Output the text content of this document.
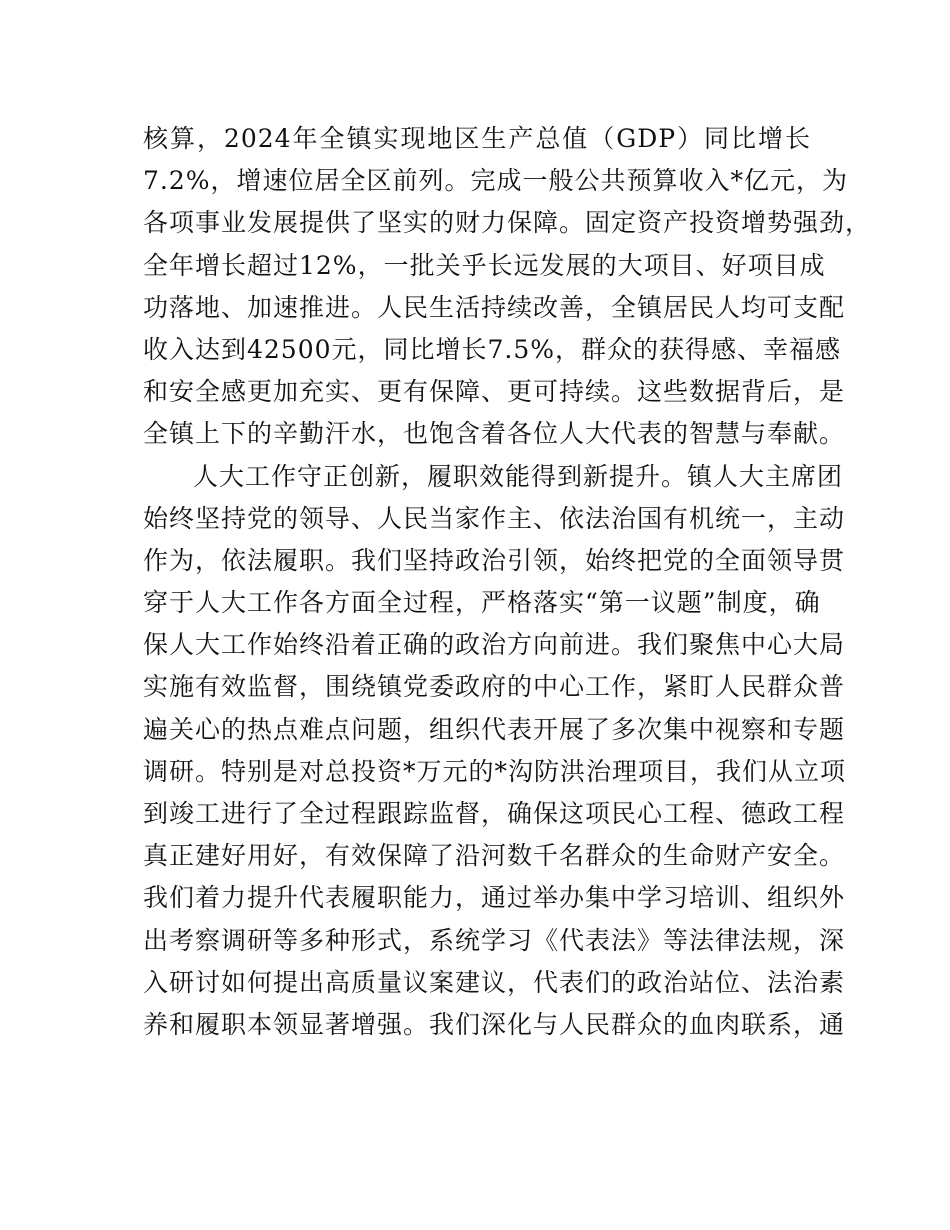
核算，2024年全镇实现地区生产总值（GDP）同比增长
7.2%，增速位居全区前列。完成一般公共预算收入*亿元，为
各项事业发展提供了坚实的财力保障。固定资产投资增势强劲，
全年增长超过12%，一批关乎长远发展的大项目、好项目成
功落地、加速推进。人民生活持续改善，全镇居民人均可支配
收入达到42500元，同比增长7.5%，群众的获得感、幸福感
和安全感更加充实、更有保障、更可持续。这些数据背后，是
全镇上下的辛勤汗水，也饱含着各位人大代表的智慧与奉献。
人大工作守正创新，履职效能得到新提升。镇人大主席团
始终坚持党的领导、人民当家作主、依法治国有机统一，主动
作为，依法履职。我们坚持政治引领，始终把党的全面领导贯
穿于人大工作各方面全过程，严格落实“第一议题”制度，确
保人大工作始终沿着正确的政治方向前进。我们聚焦中心大局
实施有效监督，围绕镇党委政府的中心工作，紧盯人民群众普
遍关心的热点难点问题，组织代表开展了多次集中视察和专题
调研。特别是对总投资*万元的*沟防洪治理项目，我们从立项
到竣工进行了全过程跟踪监督，确保这项民心工程、德政工程
真正建好用好，有效保障了沿河数千名群众的生命财产安全。
我们着力提升代表履职能力，通过举办集中学习培训、组织外
出考察调研等多种形式，系统学习《代表法》等法律法规，深
入研讨如何提出高质量议案建议，代表们的政治站位、法治素
养和履职本领显著增强。我们深化与人民群众的血肉联系，通
